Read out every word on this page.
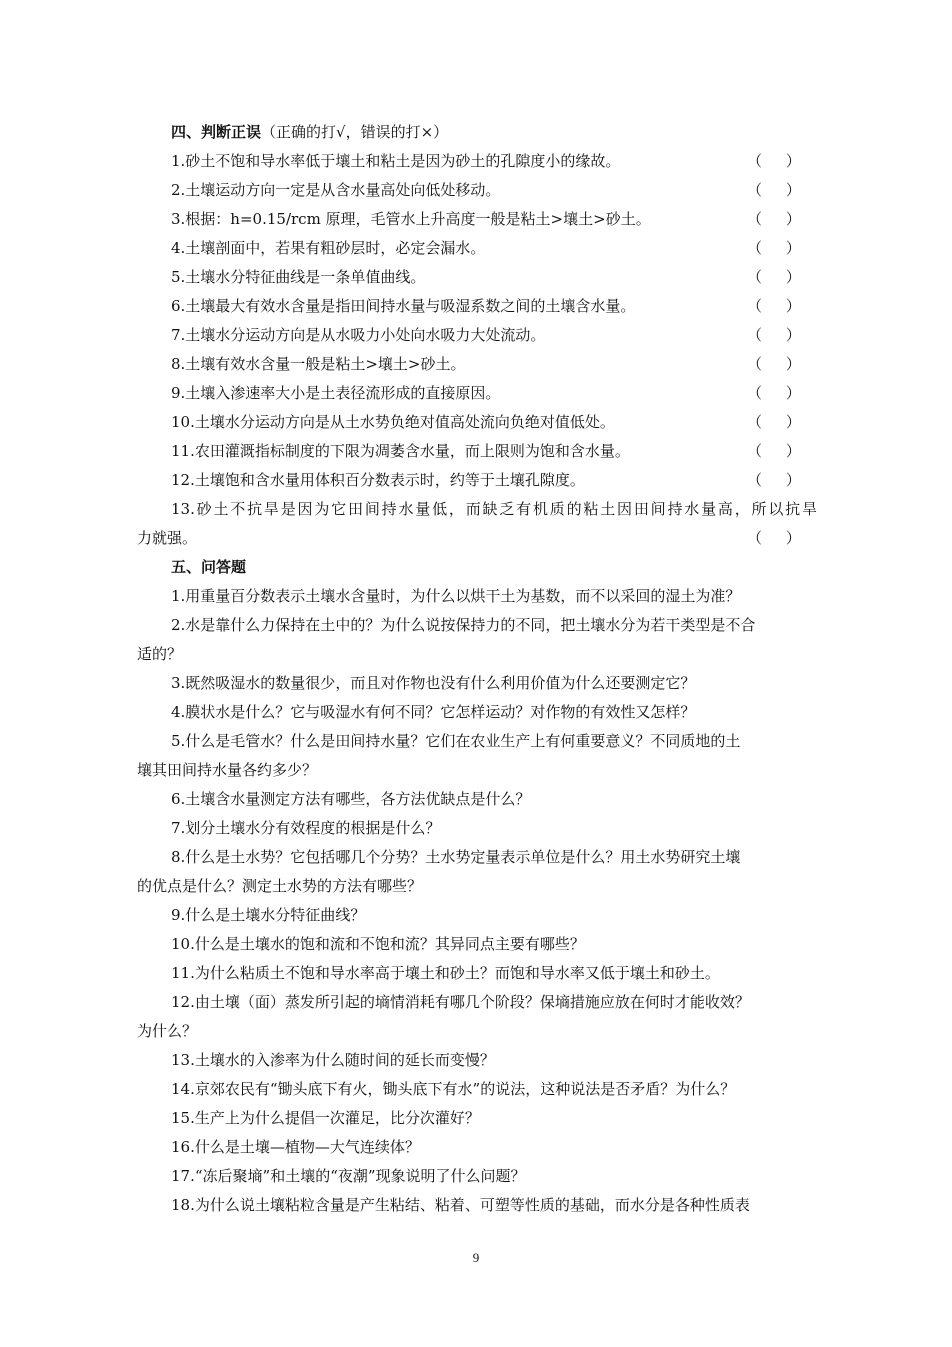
四、判断正误（正确的打√，错误的打×）
1.砂土不饱和导水率低于壤土和粘土是因为砂土的孔隙度小的缘故。	（     ）
2.土壤运动方向一定是从含水量高处向低处移动。	（     ）
3.根据：h=0.15/rcm 原理，毛管水上升高度一般是粘土>壤土>砂土。	（     ）
4.土壤剖面中，若果有粗砂层时，必定会漏水。	（     ）
5.土壤水分特征曲线是一条单值曲线。	（     ）
6.土壤最大有效水含量是指田间持水量与吸湿系数之间的土壤含水量。	（     ）
7.土壤水分运动方向是从水吸力小处向水吸力大处流动。	（     ）
8.土壤有效水含量一般是粘土>壤土>砂土。	（     ）
9.土壤入渗速率大小是土表径流形成的直接原因。	（     ）
10.土壤水分运动方向是从土水势负绝对值高处流向负绝对值低处。	（     ）
11.农田灌溉指标制度的下限为凋萎含水量，而上限则为饱和含水量。	（     ）
12.土壤饱和含水量用体积百分数表示时，约等于土壤孔隙度。	（     ）
13.砂土不抗旱是因为它田间持水量低，而缺乏有机质的粘土因田间持水量高，所以抗旱
力就强。	（     ）
五、问答题
1.用重量百分数表示土壤水含量时，为什么以烘干土为基数，而不以采回的湿土为准？
2.水是靠什么力保持在土中的？为什么说按保持力的不同，把土壤水分为若干类型是不合
适的？
3.既然吸湿水的数量很少，而且对作物也没有什么利用价值为什么还要测定它？
4.膜状水是什么？它与吸湿水有何不同？它怎样运动？对作物的有效性又怎样？
5.什么是毛管水？什么是田间持水量？它们在农业生产上有何重要意义？不同质地的土
壤其田间持水量各约多少？
6.土壤含水量测定方法有哪些，各方法优缺点是什么？
7.划分土壤水分有效程度的根据是什么？
8.什么是土水势？它包括哪几个分势？土水势定量表示单位是什么？用土水势研究土壤
的优点是什么？测定土水势的方法有哪些？
9.什么是土壤水分特征曲线？
10.什么是土壤水的饱和流和不饱和流？其异同点主要有哪些？
11.为什么粘质土不饱和导水率高于壤土和砂土？而饱和导水率又低于壤土和砂土。
12.由土壤（面）蒸发所引起的墒情消耗有哪几个阶段？保墒措施应放在何时才能收效？
为什么？
13.土壤水的入渗率为什么随时间的延长而变慢？
14.京郊农民有“锄头底下有火，锄头底下有水”的说法，这种说法是否矛盾？为什么？
15.生产上为什么提倡一次灌足，比分次灌好？
16.什么是土壤—植物—大气连续体？
17.“冻后聚墒”和土壤的“夜潮”现象说明了什么问题？
18.为什么说土壤粘粒含量是产生粘结、粘着、可塑等性质的基础，而水分是各种性质表
9
